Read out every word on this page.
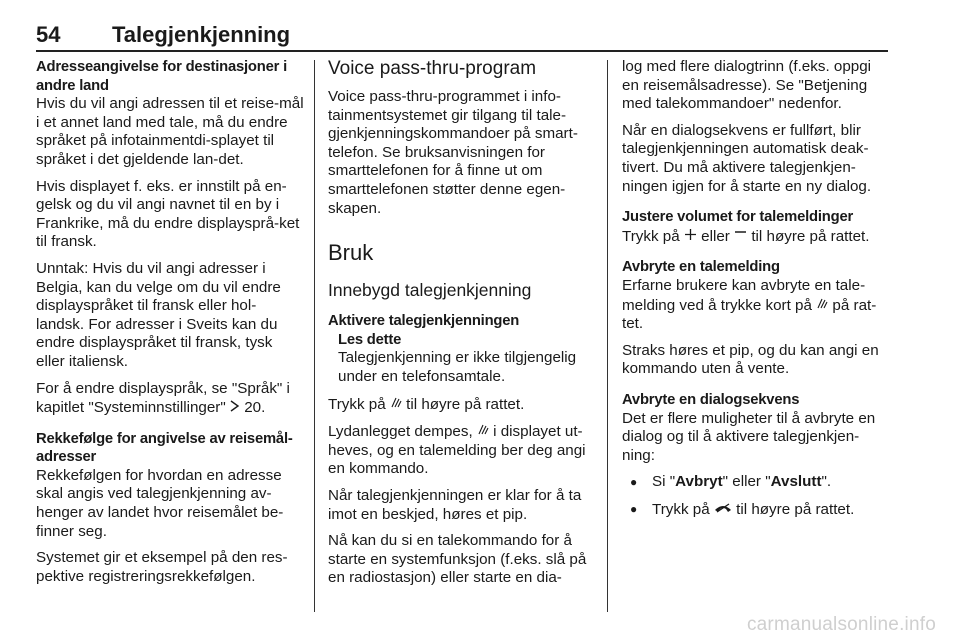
54 Talegjenkjenning
Adresseangivelse for destinasjoner i andre land

Hvis du vil angi adressen til et reise-mål i et annet land med tale, må du endre språket på infotainmentdi-splayet til språket i det gjeldende lan-det.

Hvis displayet f. eks. er innstilt på en-gelsk og du vil angi navnet til en by i Frankrike, må du endre displaysprå-ket til fransk.

Unntak: Hvis du vil angi adresser i Belgia, kan du velge om du vil endre displayspråket til fransk eller hol-landsk. For adresser i Sveits kan du endre displayspråket til fransk, tysk eller italiensk.

For å endre displayspråk, se "Språk" i kapitlet "Systeminnstillinger" 20.

Rekkefølge for angivelse av reisemål-adresser

Rekkefølgen for hvordan en adresse skal angis ved talegjenkjenning av-henger av landet hvor reisemålet be-finner seg.

Systemet gir et eksempel på den res-pektive registreringsrekkefølgen.

Voice pass-thru-program

Voice pass-thru-programmet i info-tainmentsystemet gir tilgang til tale-gjenkjenningskommandoer på smart-telefon. Se bruksanvisningen for smarttelefonen for å finne ut om smarttelefonen støtter denne egen-skapen.

Bruk
Innebygd talegjenkjenning
Aktivere talegjenkjenningen
Les dette
Talegjenkjenning er ikke tilgjengelig under en telefonsamtale.

Trykk på til høyre på rattet.

Lydanlegget dempes, i displayet ut-heves, og en talemelding ber deg angi en kommando.

Når talegjenkjenningen er klar for å ta imot en beskjed, høres et pip.

Nå kan du si en talekommando for å starte en systemfunksjon (f.eks. slå på en radiostasjon) eller starte en dia-

log med flere dialogtrinn (f.eks. oppgi en reisemålsadresse). Se "Betjening med talekommandoer" nedenfor.

Når en dialogsekvens er fullført, blir talegjenkjenningen automatisk deak-tivert. Du må aktivere talegjenkjen-ningen igjen for å starte en ny dialog.

Justere volumet for talemeldinger

Trykk på eller til høyre på rattet.

Avbryte en talemelding

Erfarne brukere kan avbryte en tale-melding ved å trykke kort på på rat-tet.

Straks høres et pip, og du kan angi en kommando uten å vente.

Avbryte en dialogsekvens

Det er flere muligheter til å avbryte en dialog og til å aktivere talegjenkjen-ning:

● Si "Avbryt" eller "Avslutt".
● Trykk på til høyre på rattet.
carmanualsonline.info
